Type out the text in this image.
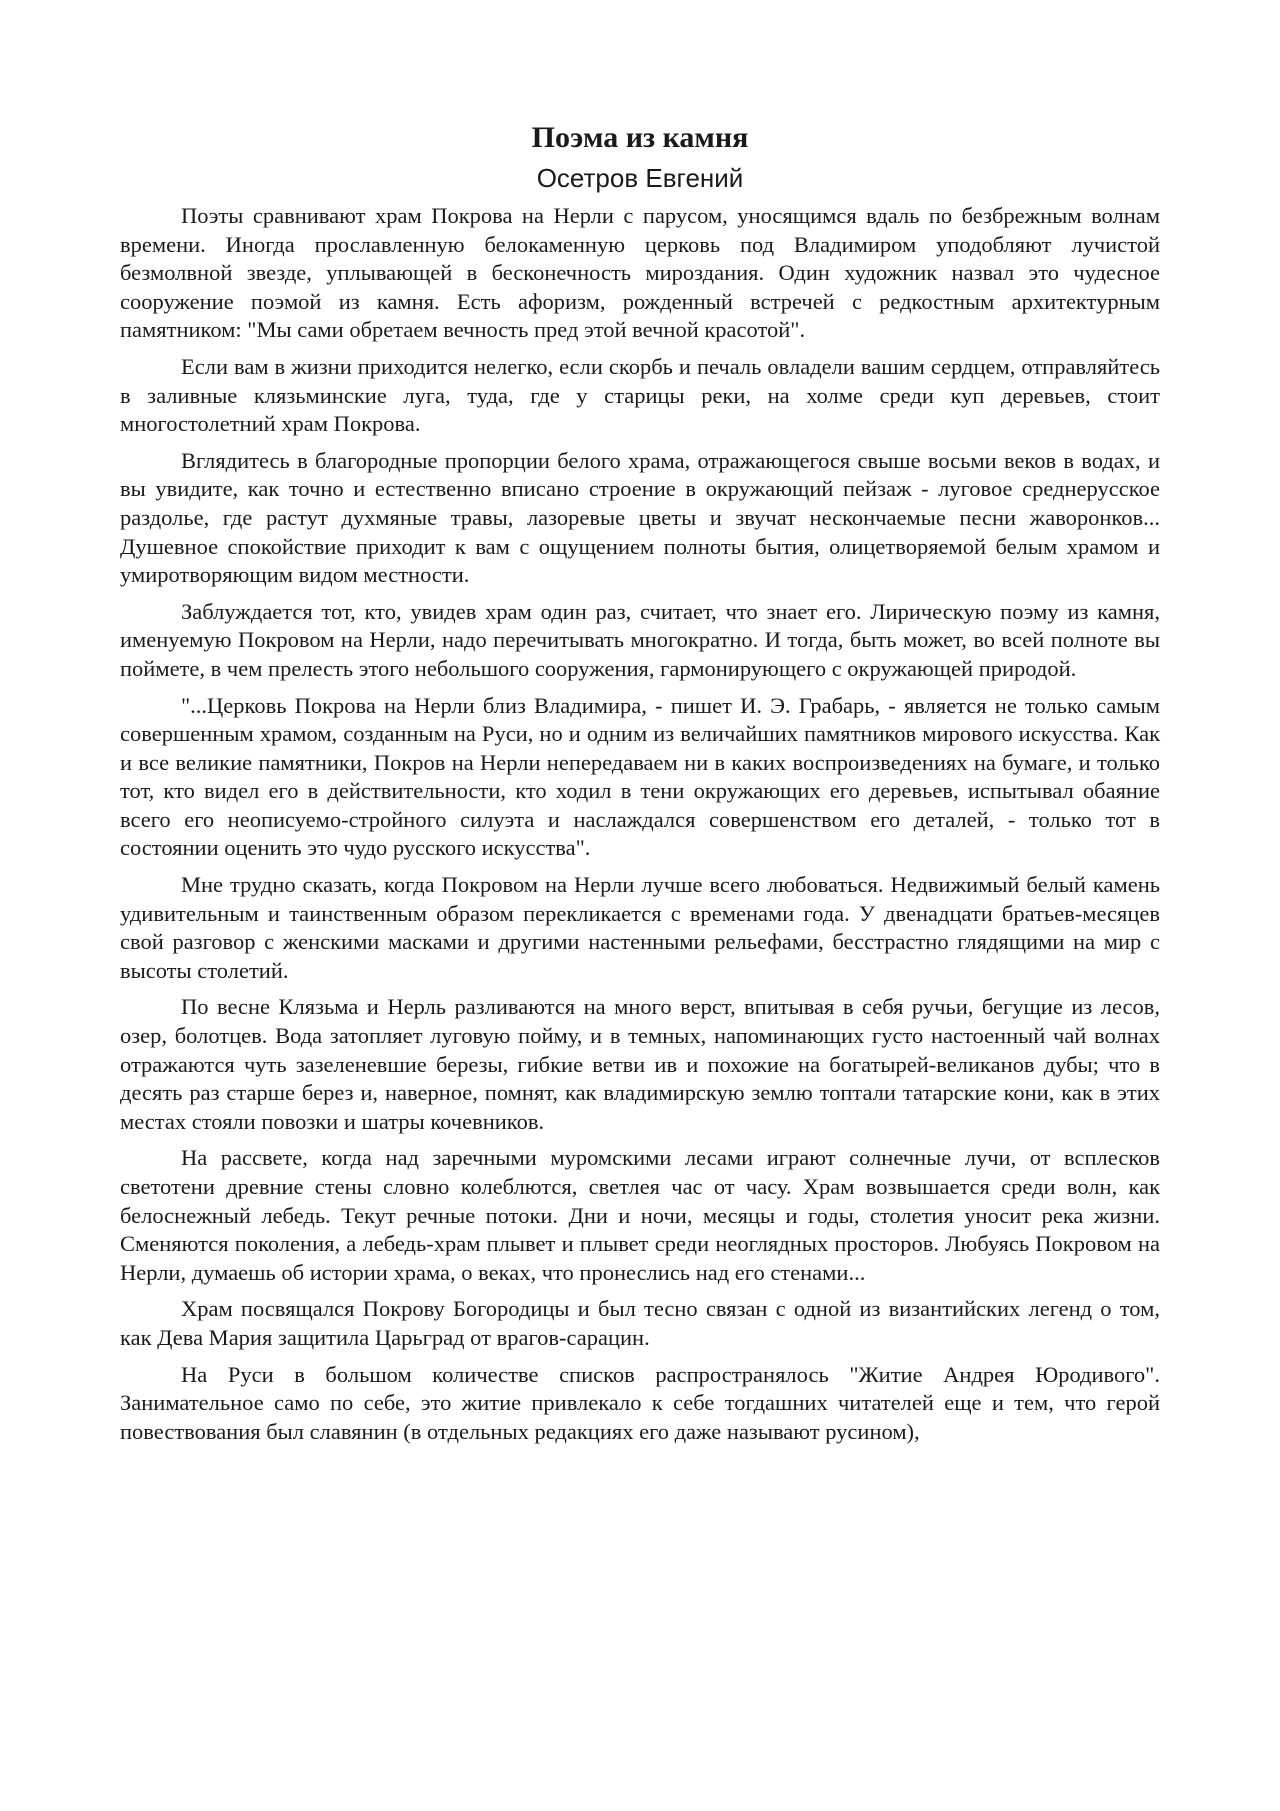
Поэма из камня
Осетров Евгений

Поэты сравнивают храм Покрова на Нерли с парусом, уносящимся вдаль по безбрежным волнам времени. Иногда прославленную белокаменную церковь под Владимиром уподобляют лучистой безмолвной звезде, уплывающей в бесконечность мироздания. Один художник назвал это чудесное сооружение поэмой из камня. Есть афоризм, рожденный встречей с редкостным архитектурным памятником: "Мы сами обретаем вечность пред этой вечной красотой".

Если вам в жизни приходится нелегко, если скорбь и печаль овладели вашим сердцем, отправляйтесь в заливные клязьминские луга, туда, где у старицы реки, на холме среди куп деревьев, стоит многостолетний храм Покрова.

Вглядитесь в благородные пропорции белого храма, отражающегося свыше восьми веков в водах, и вы увидите, как точно и естественно вписано строение в окружающий пейзаж - луговое среднерусское раздолье, где растут духмяные травы, лазоревые цветы и звучат нескончаемые песни жаворонков... Душевное спокойствие приходит к вам с ощущением полноты бытия, олицетворяемой белым храмом и умиротворяющим видом местности.

Заблуждается тот, кто, увидев храм один раз, считает, что знает его. Лирическую поэму из камня, именуемую Покровом на Нерли, надо перечитывать многократно. И тогда, быть может, во всей полноте вы поймете, в чем прелесть этого небольшого сооружения, гармонирующего с окружающей природой.

"...Церковь Покрова на Нерли близ Владимира, - пишет И. Э. Грабарь, - является не только самым совершенным храмом, созданным на Руси, но и одним из величайших памятников мирового искусства. Как и все великие памятники, Покров на Нерли непередаваем ни в каких воспроизведениях на бумаге, и только тот, кто видел его в действительности, кто ходил в тени окружающих его деревьев, испытывал обаяние всего его неописуемо-стройного силуэта и наслаждался совершенством его деталей, - только тот в состоянии оценить это чудо русского искусства".

Мне трудно сказать, когда Покровом на Нерли лучше всего любоваться. Недвижимый белый камень удивительным и таинственным образом перекликается с временами года. У двенадцати братьев-месяцев свой разговор с женскими масками и другими настенными рельефами, бесстрастно глядящими на мир с высоты столетий.

По весне Клязьма и Нерль разливаются на много верст, впитывая в себя ручьи, бегущие из лесов, озер, болотцев. Вода затопляет луговую пойму, и в темных, напоминающих густо настоенный чай волнах отражаются чуть зазеленевшие березы, гибкие ветви ив и похожие на богатырей-великанов дубы; что в десять раз старше берез и, наверное, помнят, как владимирскую землю топтали татарские кони, как в этих местах стояли повозки и шатры кочевников.

На рассвете, когда над заречными муромскими лесами играют солнечные лучи, от всплесков светотени древние стены словно колеблются, светлея час от часу. Храм возвышается среди волн, как белоснежный лебедь. Текут речные потоки. Дни и ночи, месяцы и годы, столетия уносит река жизни. Сменяются поколения, а лебедь-храм плывет и плывет среди неоглядных просторов. Любуясь Покровом на Нерли, думаешь об истории храма, о веках, что пронеслись над его стенами...

Храм посвящался Покрову Богородицы и был тесно связан с одной из византийских легенд о том, как Дева Мария защитила Царьград от врагов-сарацин.

На Руси в большом количестве списков распространялось "Житие Андрея Юродивого". Занимательное само по себе, это житие привлекало к себе тогдашних читателей еще и тем, что герой повествования был славянин (в отдельных редакциях его даже называют русином),
